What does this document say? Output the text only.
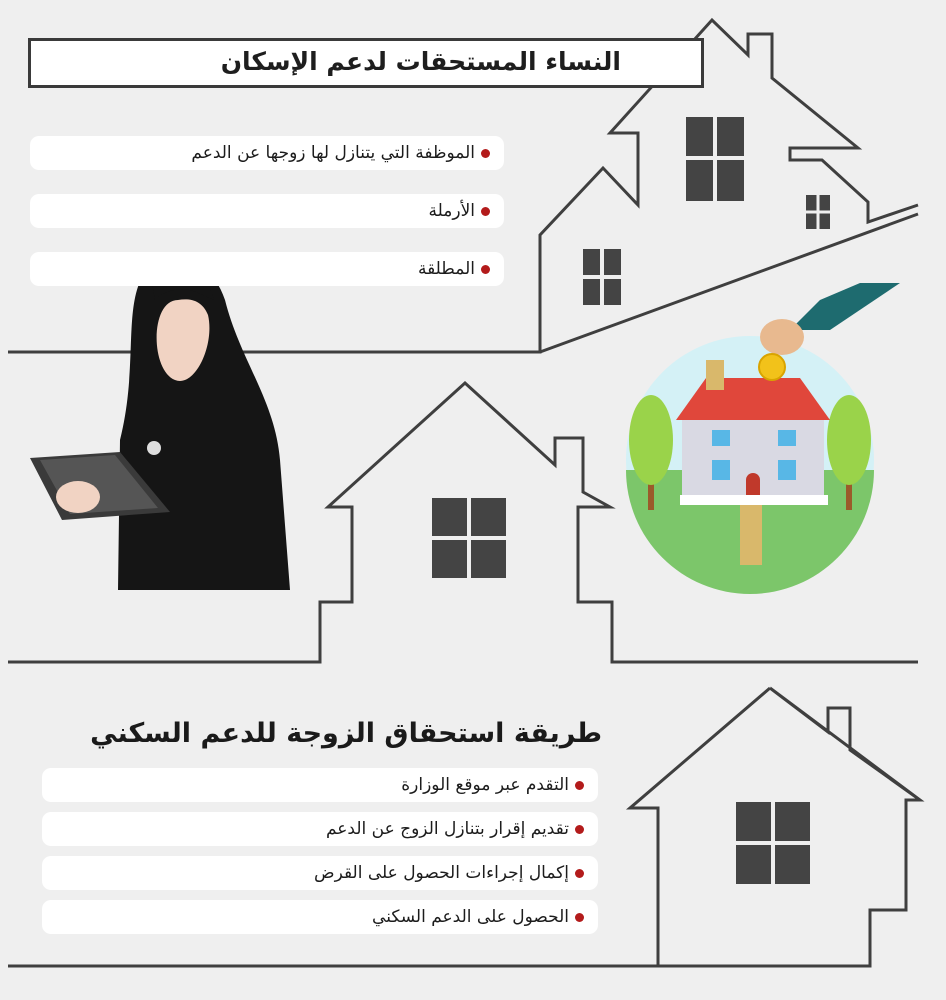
النساء المستحقات لدعم الإسكان
الموظفة التي يتنازل لها زوجها عن الدعم
الأرملة
المطلقة
طريقة استحقاق الزوجة للدعم السكني
التقدم عبر موقع الوزارة
تقديم إقرار بتنازل الزوج عن الدعم
إكمال إجراءات الحصول على القرض
الحصول على الدعم السكني
